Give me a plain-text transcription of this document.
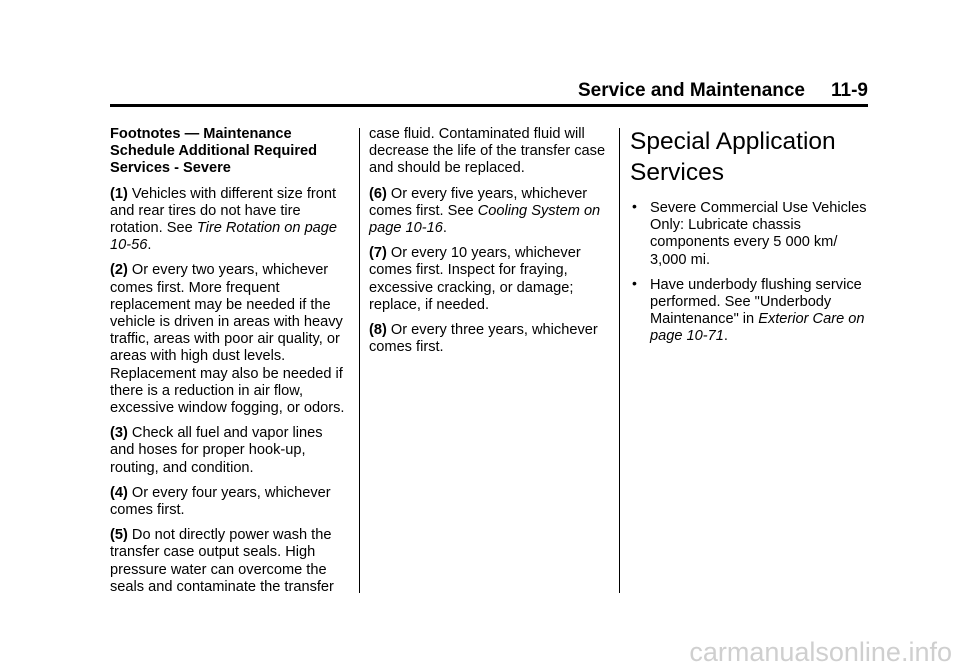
Service and Maintenance 11-9

Footnotes — Maintenance Schedule Additional Required Services - Severe

(1) Vehicles with different size front and rear tires do not have tire rotation. See Tire Rotation on page 10-56.

(2) Or every two years, whichever comes first. More frequent replacement may be needed if the vehicle is driven in areas with heavy traffic, areas with poor air quality, or areas with high dust levels. Replacement may also be needed if there is a reduction in air flow, excessive window fogging, or odors.

(3) Check all fuel and vapor lines and hoses for proper hook-up, routing, and condition.

(4) Or every four years, whichever comes first.

(5) Do not directly power wash the transfer case output seals. High pressure water can overcome the seals and contaminate the transfer

case fluid. Contaminated fluid will decrease the life of the transfer case and should be replaced.

(6) Or every five years, whichever comes first. See Cooling System on page 10-16.

(7) Or every 10 years, whichever comes first. Inspect for fraying, excessive cracking, or damage; replace, if needed.

(8) Or every three years, whichever comes first.

Special Application Services
• Severe Commercial Use Vehicles Only: Lubricate chassis components every 5 000 km/ 3,000 mi.
• Have underbody flushing service performed. See "Underbody Maintenance" in Exterior Care on page 10-71.
carmanualsonline.info
